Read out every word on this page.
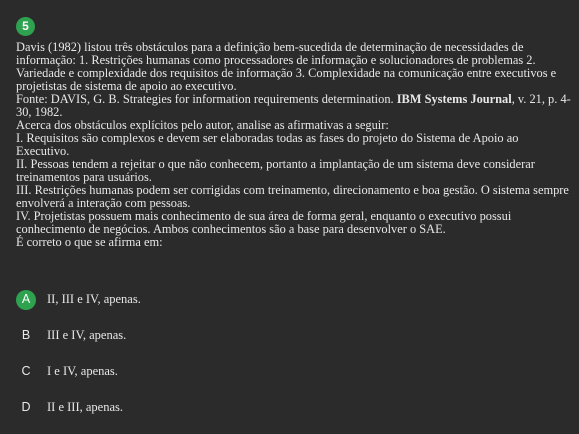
5

Davis (1982) listou três obstáculos para a definição bem-sucedida de determinação de necessidades de informação: 1. Restrições humanas como processadores de informação e solucionadores de problemas 2. Variedade e complexidade dos requisitos de informação 3. Complexidade na comunicação entre executivos e projetistas de sistema de apoio ao executivo.

Fonte: DAVIS, G. B. Strategies for information requirements determination. IBM Systems Journal, v. 21, p. 4-30, 1982.

Acerca dos obstáculos explícitos pelo autor, analise as afirmativas a seguir:

I. Requisitos são complexos e devem ser elaboradas todas as fases do projeto do Sistema de Apoio ao Executivo.

II. Pessoas tendem a rejeitar o que não conhecem, portanto a implantação de um sistema deve considerar treinamentos para usuários.

III. Restrições humanas podem ser corrigidas com treinamento, direcionamento e boa gestão. O sistema sempre envolverá a interação com pessoas.

IV. Projetistas possuem mais conhecimento de sua área de forma geral, enquanto o executivo possui conhecimento de negócios. Ambos conhecimentos são a base para desenvolver o SAE.

É correto o que se afirma em:

A	II, III e IV, apenas.
B	III e IV, apenas.
C	I e IV, apenas.
D	II e III, apenas.
